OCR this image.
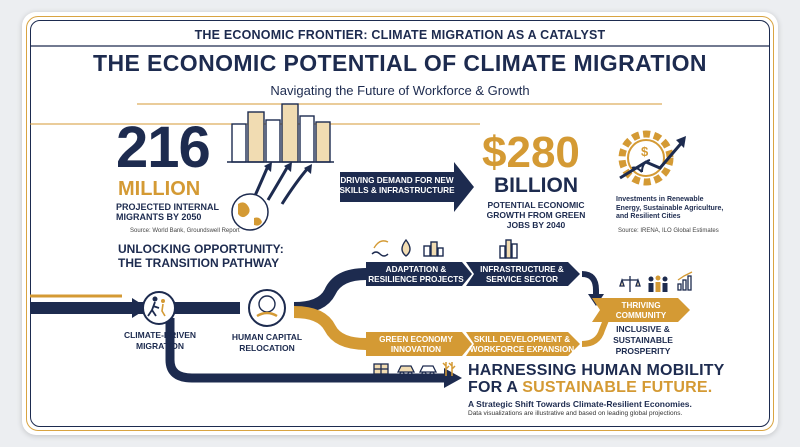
THE ECONOMIC FRONTIER: CLIMATE MIGRATION AS A CATALYST
THE ECONOMIC POTENTIAL OF CLIMATE MIGRATION
Navigating the Future of Workforce & Growth
216
MILLION
PROJECTED INTERNAL
MIGRANTS BY 2050
Source: World Bank, Groundswell Report
DRIVING DEMAND FOR NEW
SKILLS & INFRASTRUCTURE
$280
BILLION
POTENTIAL ECONOMIC
GROWTH FROM GREEN
JOBS BY 2040
$
Investments in Renewable
Energy, Sustainable Agriculture,
and Resilient Cities
Source: IRENA, ILO Global Estimates
UNLOCKING OPPORTUNITY:
THE TRANSITION PATHWAY	ADAPTATION &
RESILIENCE PROJECTS
INFRASTRUCTURE &
SERVICE SECTOR GROWTH
GREEN ECONOMY
INNOVATION
SKILL DEVELOPMENT &
WORKFORCE EXPANSION
THRIVING
COMMUNITY
CLIMATE-DRIVEN
MIGRATION
HUMAN CAPITAL
RELOCATION
INCLUSIVE &
SUSTAINABLE
PROSPERITY
HARNESSING HUMAN MOBILITY
FOR A SUSTAINABLE FUTURE.
A Strategic Shift Towards Climate-Resilient Economies.
Data visualizations are illustrative and based on leading global projections.
